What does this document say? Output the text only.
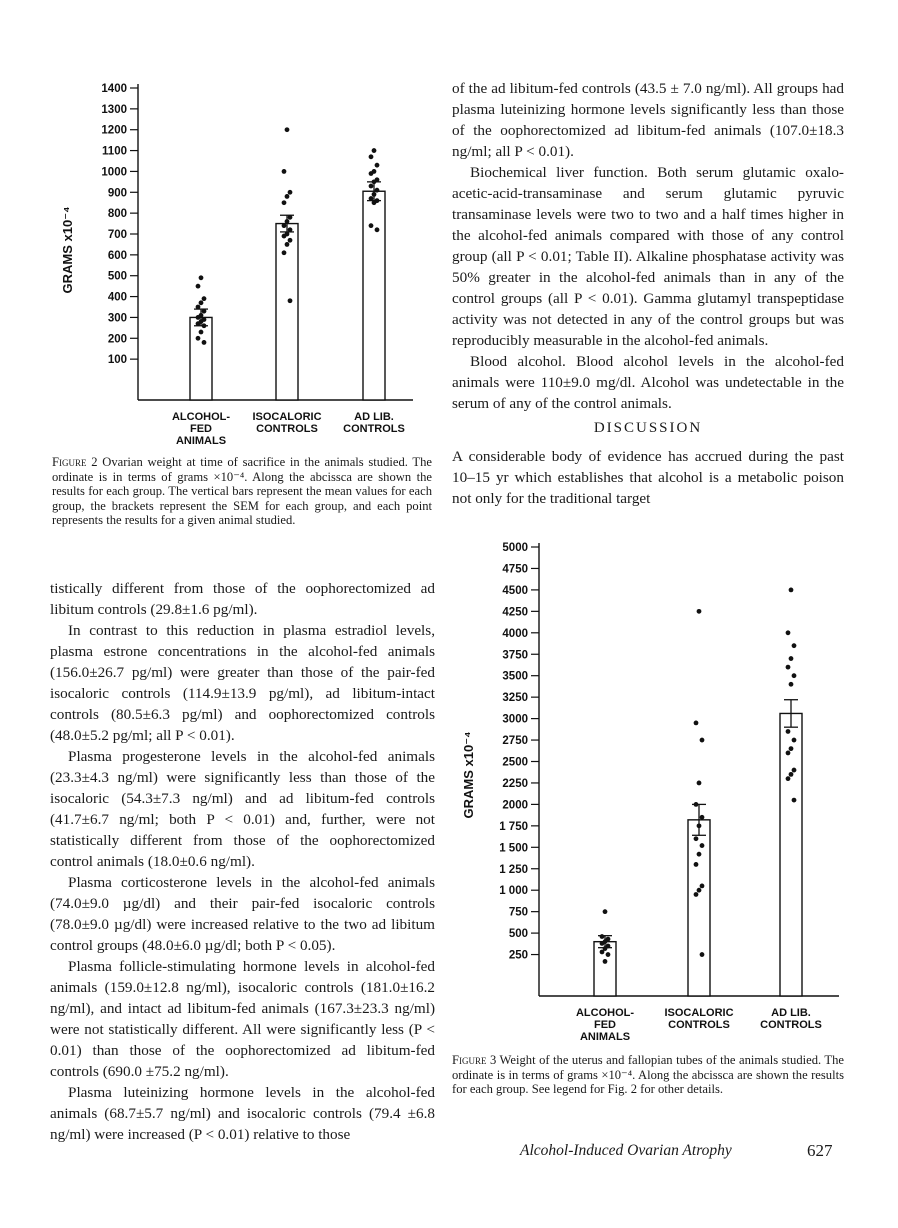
100
200
300
400
500
600
700
800
900
1000
1100
1200
1300
1400
GRAMS x10⁻⁴
ALCOHOL-
FED
ANIMALS
ISOCALORIC
CONTROLS
AD LIB.
CONTROLS
Figure 2 Ovarian weight at time of sacrifice in the animals studied. The ordinate is in terms of grams ×10⁻⁴. Along the abcissca are shown the results for each group. The vertical bars represent the mean values for each group, the brackets represent the SEM for each group, and each point represents the results for a given animal studied.

tistically different from those of the oophorectomized ad libitum controls (29.8±1.6 pg/ml).

In contrast to this reduction in plasma estradiol levels, plasma estrone concentrations in the alcohol-fed animals (156.0±26.7 pg/ml) were greater than those of the pair-fed isocaloric controls (114.9±13.9 pg/ml), ad libitum-intact controls (80.5±6.3 pg/ml) and oophorectomized controls (48.0±5.2 pg/ml; all P < 0.01).

Plasma progesterone levels in the alcohol-fed animals (23.3±4.3 ng/ml) were significantly less than those of the isocaloric (54.3±7.3 ng/ml) and ad libitum-fed controls (41.7±6.7 ng/ml; both P < 0.01) and, further, were not statistically different from those of the oophorectomized control animals (18.0±0.6 ng/ml).

Plasma corticosterone levels in the alcohol-fed animals (74.0±9.0 µg/dl) and their pair-fed isocaloric controls (78.0±9.0 µg/dl) were increased relative to the two ad libitum control groups (48.0±6.0 µg/dl; both P < 0.05).

Plasma follicle-stimulating hormone levels in alcohol-fed animals (159.0±12.8 ng/ml), isocaloric controls (181.0±16.2 ng/ml), and intact ad libitum-fed animals (167.3±23.3 ng/ml) were not statistically different. All were significantly less (P < 0.01) than those of the oophorectomized ad libitum-fed controls (690.0 ±75.2 ng/ml).

Plasma luteinizing hormone levels in the alcohol-fed animals (68.7±5.7 ng/ml) and isocaloric controls (79.4 ±6.8 ng/ml) were increased (P < 0.01) relative to those

of the ad libitum-fed controls (43.5 ± 7.0 ng/ml). All groups had plasma luteinizing hormone levels significantly less than those of the oophorectomized ad libitum-fed animals (107.0±18.3 ng/ml; all P < 0.01).

Biochemical liver function. Both serum glutamic oxalo-acetic-acid-transaminase and serum glutamic pyruvic transaminase levels were two to two and a half times higher in the alcohol-fed animals compared with those of any control group (all P < 0.01; Table II). Alkaline phosphatase activity was 50% greater in the alcohol-fed animals than in any of the control groups (all P < 0.01). Gamma glutamyl transpeptidase activity was not detected in any of the control groups but was reproducibly measurable in the alcohol-fed animals.

Blood alcohol. Blood alcohol levels in the alcohol-fed animals were 110±9.0 mg/dl. Alcohol was undetectable in the serum of any of the control animals.

DISCUSSION

A considerable body of evidence has accrued during the past 10–15 yr which establishes that alcohol is a metabolic poison not only for the traditional target

250
500
750
1 000
1 250
1 500
1 750
2000
2250
2500
2750
3000
3250
3500
3750
4000
4250
4500
4750
5000
GRAMS x10⁻⁴
ALCOHOL-
FED
ANIMALS
ISOCALORIC
CONTROLS
AD LIB.
CONTROLS
Figure 3 Weight of the uterus and fallopian tubes of the animals studied. The ordinate is in terms of grams ×10⁻⁴. Along the abcissca are shown the results for each group. See legend for Fig. 2 for other details.
Alcohol-Induced Ovarian Atrophy	627
